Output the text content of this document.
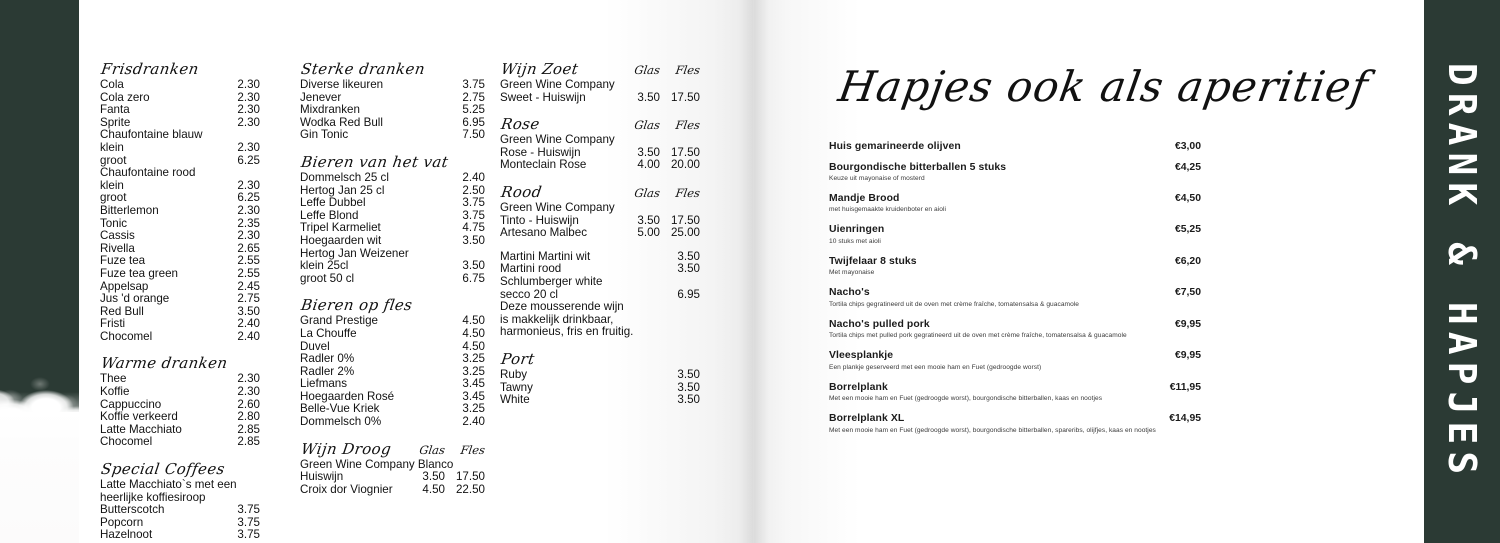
DRANK & HAPJES
Frisdranken
Cola	2.30
Cola zero	2.30
Fanta	2.30
Sprite	2.30
Chaufontaine blauw
klein	2.30
groot	6.25
Chaufontaine rood
klein	2.30
groot	6.25
Bitterlemon	2.30
Tonic	2.35
Cassis	2.30
Rivella	2.65
Fuze tea	2.55
Fuze tea green	2.55
Appelsap	2.45
Jus 'd orange	2.75
Red Bull	3.50
Fristi	2.40
Chocomel	2.40
Warme dranken
Thee	2.30
Koffie	2.30
Cappuccino	2.60
Koffie verkeerd	2.80
Latte Macchiato	2.85
Chocomel	2.85
Special Coffees
Latte Macchiato`s met een
heerlijke koffiesiroop
Butterscotch	3.75
Popcorn	3.75
Hazelnoot	3.75
Sterke dranken
Diverse likeuren	3.75
Jenever	2.75
Mixdranken	5.25
Wodka Red Bull	6.95
Gin Tonic	7.50
Bieren van het vat
Dommelsch 25 cl	2.40
Hertog Jan 25 cl	2.50
Leffe Dubbel	3.75
Leffe Blond	3.75
Tripel Karmeliet	4.75
Hoegaarden wit	3.50
Hertog Jan Weizener
klein 25cl	3.50
groot 50 cl	6.75
Bieren op fles
Grand Prestige	4.50
La Chouffe	4.50
Duvel	4.50
Radler 0%	3.25
Radler 2%	3.25
Liefmans	3.45
Hoegaarden Rosé	3.45
Belle-Vue Kriek	3.25
Dommelsch 0%	2.40
Wijn Droog	Glas	Fles
Green Wine Company Blanco
Huiswijn	3.50 17.50
Croix dor Viognier	4.50 22.50
Wijn Zoet	Glas	Fles
Green Wine Company
Sweet - Huiswijn	3.50 17.50
Rose	Glas	Fles
Green Wine Company
Rose - Huiswijn	3.50 17.50
Monteclain Rose	4.00 20.00
Rood	Glas	Fles
Green Wine Company
Tinto - Huiswijn	3.50 17.50
Artesano Malbec	5.00 25.00
Martini Martini wit	3.50
Martini rood	3.50
Schlumberger white
secco 20 cl	6.95
Deze mousserende wijn
is makkelijk drinkbaar,
harmonieus, fris en fruitig.
Port
Ruby	3.50
Tawny	3.50
White	3.50
Hapjes ook als aperitief
Huis gemarineerde olijven	€3,00
Bourgondische bitterballen 5 stuks	€4,25
Keuze uit mayonaise of mosterd
Mandje Brood	€4,50
met huisgemaakte kruidenboter en aioli
Uienringen	€5,25
10 stuks met aioli
Twijfelaar 8 stuks	€6,20
Met mayonaise
Nacho's	€7,50
Tortila chips gegratineerd uit de oven met crème fraîche, tomatensalsa & guacamole
Nacho's pulled pork	€9,95
Tortila chips met pulled pork gegratineerd uit de oven met crème fraîche, tomatensalsa & guacamole
Vleesplankje	€9,95
Een plankje geserveerd met een mooie ham en Fuet (gedroogde worst)
Borrelplank	€11,95
Met een mooie ham en Fuet (gedroogde worst), bourgondische bitterballen, kaas en nootjes
Borrelplank XL	€14,95
Met een mooie ham en Fuet (gedroogde worst), bourgondische bitterballen, spareribs, olijfjes, kaas en nootjes
